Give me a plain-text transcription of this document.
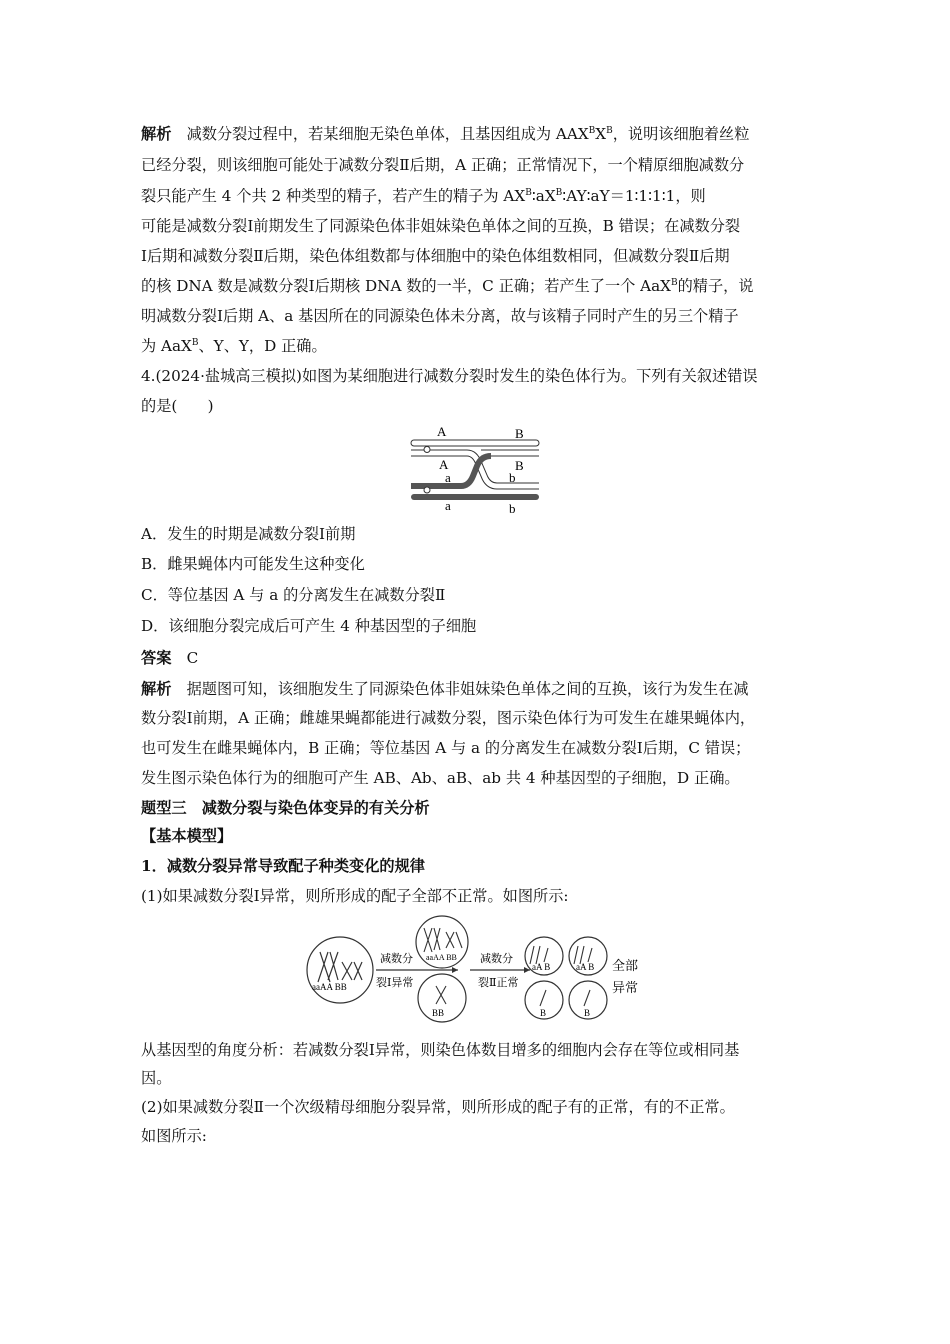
解析　 减数分裂过程中，若某细胞无染色单体，且基因组成为 $AAX^BX^B$，说明该细胞着丝粒
已经分裂，则该细胞可能处于减数分裂Ⅱ后期，A 正确；正常情况下，一个精原细胞减数分
裂只能产生 4 个共 2 种类型的精子，若产生的精子为 $AX^B∶aX^B∶AY∶aY=1∶1∶1∶1$，则
可能是减数分裂Ⅰ前期发生了同源染色体非姐妹染色单体之间的互换，B 错误；在减数分裂
Ⅰ后期和减数分裂Ⅱ后期，染色体组数都与体细胞中的染色体组数相同，但减数分裂Ⅱ后期
的核 DNA 数是减数分裂Ⅰ后期核 DNA 数的一半，C 正确；若产生了一个 AaX$^B$的精子，说
明减数分裂Ⅰ后期 A、a 基因所在的同源染色体未分离，故与该精子同时产生的另三个精子
为 AaX$^B$、Y、Y，D 正确。
4.(2024·盐城高三模拟)如图为某细胞进行减数分裂时发生的染色体行为。下列有关叙述错误
的是(　　)
A	B
A
a
B
b
a	b
A．发生的时期是减数分裂Ⅰ前期
B．雌果蝇体内可能发生这种变化
C．等位基因 A 与 a 的分离发生在减数分裂Ⅱ
D．该细胞分裂完成后可产生 4 种基因型的子细胞
答案　 C
解析　 据题图可知，该细胞发生了同源染色体非姐妹染色单体之间的互换，该行为发生在减
数分裂Ⅰ前期，A 正确；雌雄果蝇都能进行减数分裂，图示染色体行为可发生在雄果蝇体内，
也可发生在雌果蝇体内，B 正确；等位基因 A 与 a 的分离发生在减数分裂Ⅰ后期，C 错误；
发生图示染色体行为的细胞可产生 AB、Ab、aB、ab 共 4 种基因型的子细胞，D 正确。
题型三　减数分裂与染色体变异的有关分析
【基本模型】
1．减数分裂异常导致配子种类变化的规律
(1)如果减数分裂Ⅰ异常，则所形成的配子全部不正常。如图所示:
aaAA BB
减数分
裂Ⅰ异常
aaAA BB
BB
减数分
裂Ⅱ正常
aA B	aA B
B	B
全部
异常
从基因型的角度分析：若减数分裂Ⅰ异常，则染色体数目增多的细胞内会存在等位或相同基
因。
(2)如果减数分裂Ⅱ一个次级精母细胞分裂异常，则所形成的配子有的正常，有的不正常。
如图所示:
